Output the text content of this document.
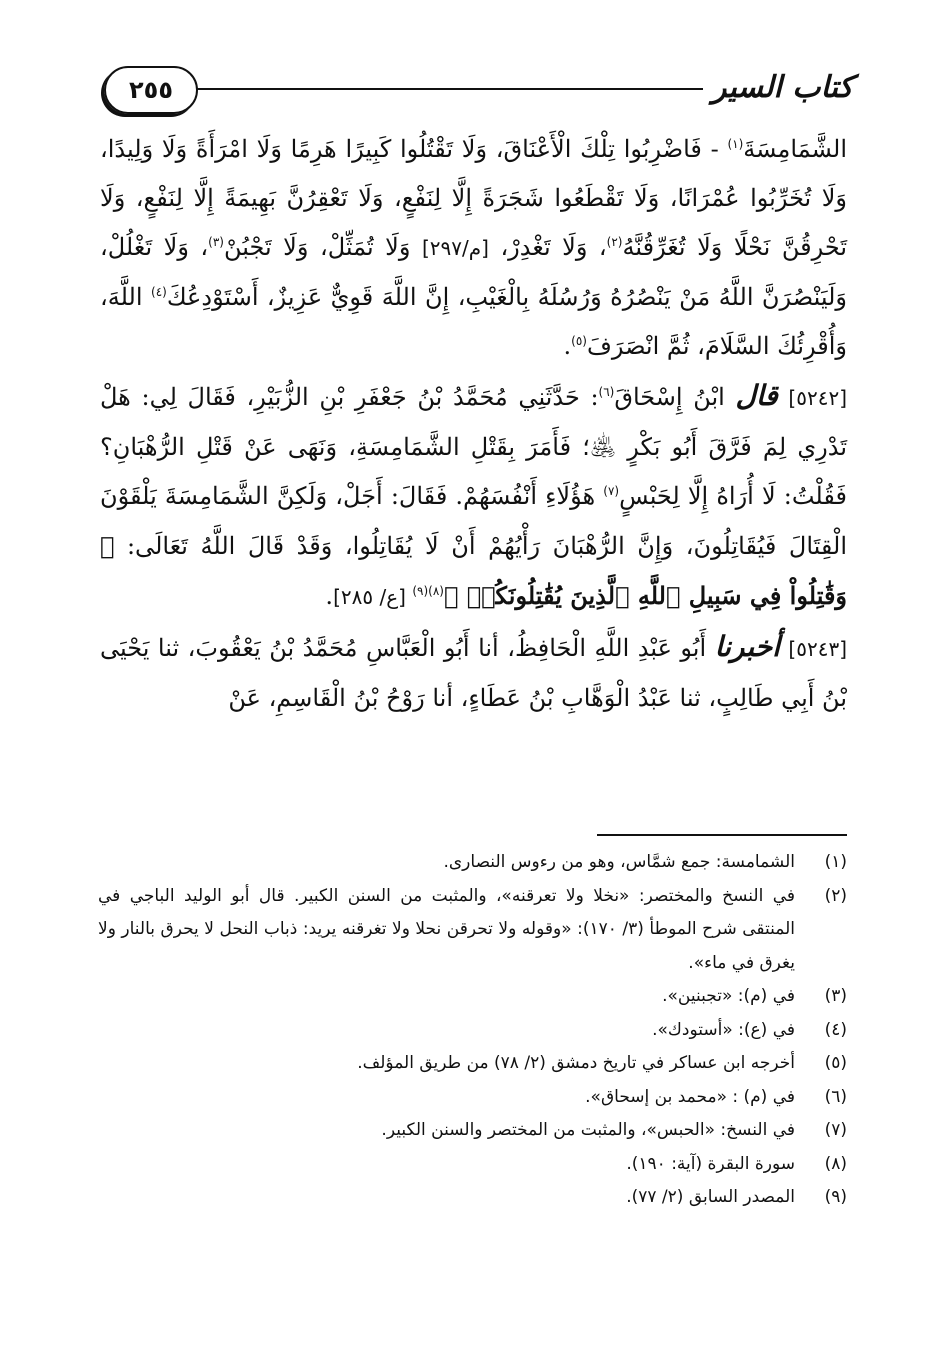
كتاب السير
٢٥٥

الشَّمَامِسَةَ$^{(١)}$ - فَاضْرِبُوا تِلْكَ الْأَعْنَاقَ، وَلَا تَقْتُلُوا كَبِيرًا هَرِمًا وَلَا امْرَأَةً وَلَا وَلِيدًا، وَلَا تُخَرِّبُوا عُمْرَانًا، وَلَا تَقْطَعُوا شَجَرَةً إِلَّا لِنَفْعٍ، وَلَا تَعْقِرُنَّ بَهِيمَةً إِلَّا لِنَفْعٍ، وَلَا تَحْرِقُنَّ نَحْلًا وَلَا تُغَرِّقُنَّهُ$^{(٢)}$، وَلَا تَغْدِرْ، [م/٢٩٧] وَلَا تُمَثِّلْ، وَلَا تَجْبُنْ$^{(٣)}$، وَلَا تَغْلُلْ، وَلَيَنْصُرَنَّ اللَّهُ مَنْ يَنْصُرُهُ وَرُسُلَهُ بِالْغَيْبِ، إِنَّ اللَّهَ قَوِيٌّ عَزِيزٌ، أَسْتَوْدِعُكَ$^{(٤)}$ اللَّهَ، وَأُقْرِئُكَ السَّلَامَ، ثُمَّ انْصَرَفَ$^{(٥)}$.

[٥٢٤٢] قال ابْنُ إِسْحَاقَ$^{(٦)}$: حَدَّثَنِي مُحَمَّدُ بْنُ جَعْفَرِ بْنِ الزُّبَيْرِ، فَقَالَ لِي: هَلْ تَدْرِي لِمَ فَرَّقَ أَبُو بَكْرٍ ﵁؛ فَأَمَرَ بِقَتْلِ الشَّمَامِسَةِ، وَنَهَى عَنْ قَتْلِ الرُّهْبَانِ؟ فَقُلْتُ: لَا أُرَاهُ إِلَّا لِحَبْسٍ$^{(٧)}$ هَؤُلَاءِ أَنْفُسَهُمْ. فَقَالَ: أَجَلْ، وَلَكِنَّ الشَّمَامِسَةَ يَلْقَوْنَ الْقِتَالَ فَيُقَاتِلُونَ، وَإِنَّ الرُّهْبَانَ رَأْيُهُمْ أَنْ لَا يُقَاتِلُوا، وَقَدْ قَالَ اللَّهُ تَعَالَى: ﴿ وَقَٰتِلُواْ فِي سَبِيلِ ٱللَّهِ ٱلَّذِينَ يُقَٰتِلُونَكُمۡ ﴾$^{(٨)(٩)}$ [ع/ ٢٨٥].

[٥٢٤٣] أخبرنا أَبُو عَبْدِ اللَّهِ الْحَافِظُ، أنا أَبُو الْعَبَّاسِ مُحَمَّدُ بْنُ يَعْقُوبَ، ثنا يَحْيَى بْنُ أَبِي طَالِبٍ، ثنا عَبْدُ الْوَهَّابِ بْنُ عَطَاءٍ، أنا رَوْحُ بْنُ الْقَاسِمِ، عَنْ

(١)
الشمامسة: جمع شمَّاس، وهو من رءوس النصارى.
(٢)
في النسخ والمختصر: «نخلا ولا تعرقنه»، والمثبت من السنن الكبير. قال أبو الوليد الباجي في المنتقى شرح الموطأ (٣/ ١٧٠): «وقوله ولا تحرقن نحلا ولا تغرقنه يريد: ذباب النحل لا يحرق بالنار ولا يغرق في ماء».
(٣)
في (م): «تجبنين».
(٤)
في (ع): «أستودك».
(٥)
أخرجه ابن عساكر في تاريخ دمشق (٢/ ٧٨) من طريق المؤلف.
(٦)
في (م) : «محمد بن إسحاق».
(٧)
في النسخ: «الحبس»، والمثبت من المختصر والسنن الكبير.
(٨)
سورة البقرة (آية: ١٩٠).
(٩)
المصدر السابق (٢/ ٧٧).
